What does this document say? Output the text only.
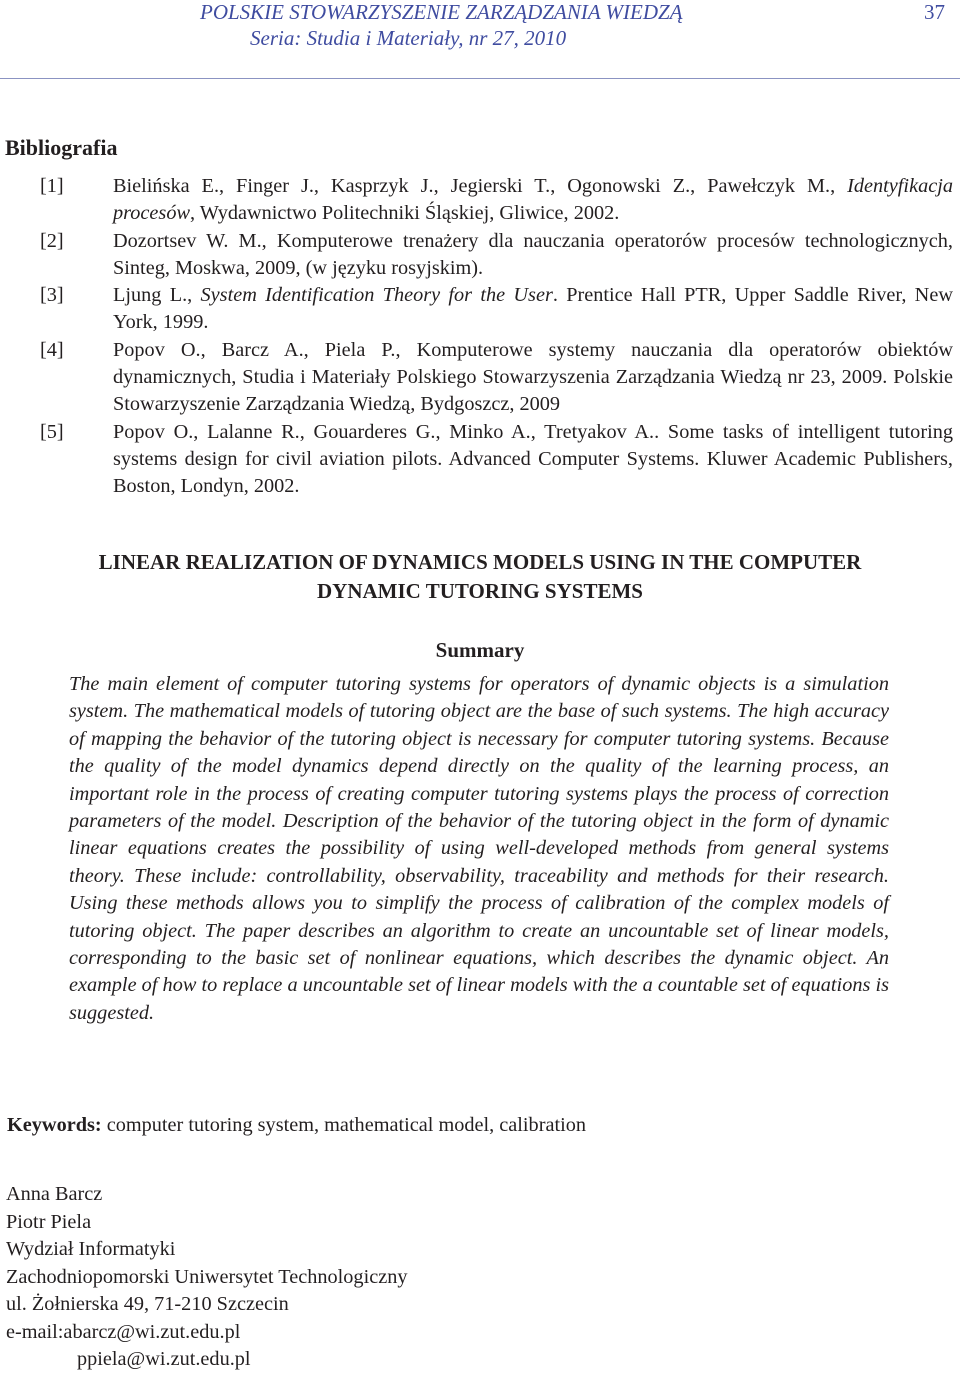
POLSKIE STOWARZYSZENIE ZARZĄDZANIA WIEDZĄ
Seria: Studia i Materiały, nr 27, 2010
37
Bibliografia
[1] Bielińska E., Finger J., Kasprzyk J., Jegierski T., Ogonowski Z., Pawełczyk M., Identyfikacja procesów, Wydawnictwo Politechniki Śląskiej, Gliwice, 2002.
[2] Dozortsev W. M., Komputerowe trenażery dla nauczania operatorów procesów technologicznych, Sinteg, Moskwa, 2009, (w języku rosyjskim).
[3] Ljung L., System Identification Theory for the User. Prentice Hall PTR, Upper Saddle River, New York, 1999.
[4] Popov O., Barcz A., Piela P., Komputerowe systemy nauczania dla operatorów obiektów dynamicznych, Studia i Materiały Polskiego Stowarzyszenia Zarządzania Wiedzą nr 23, 2009. Polskie Stowarzyszenie Zarządzania Wiedzą, Bydgoszcz, 2009
[5] Popov O., Lalanne R., Gouarderes G., Minko A., Tretyakov A.. Some tasks of intelligent tutoring systems design for civil aviation pilots. Advanced Computer Systems. Kluwer Academic Publishers, Boston, Londyn, 2002.
LINEAR REALIZATION OF DYNAMICS MODELS USING IN THE COMPUTER
DYNAMIC TUTORING SYSTEMS
Summary

The main element of computer tutoring systems for operators of dynamic objects is a simulation system. The mathematical models of tutoring object are the base of such systems. The high accuracy of mapping the behavior of the tutoring object is necessary for computer tutoring systems. Because the quality of the model dynamics depend directly on the quality of the learning process, an important role in the process of creating computer tutoring systems plays the process of correction parameters of the model. Description of the behavior of the tutoring object in the form of dynamic linear equations creates the possibility of using well-developed methods from general systems theory. These include: controllability, observability, traceability and methods for their research. Using these methods allows you to simplify the process of calibration of the complex models of tutoring object. The paper describes an algorithm to create an uncountable set of linear models, corresponding to the basic set of nonlinear equations, which describes the dynamic object. An example of how to replace a uncountable set of linear models with the a countable set of equations is suggested.

Keywords: computer tutoring system, mathematical model, calibration

Anna Barcz
Piotr Piela
Wydział Informatyki
Zachodniopomorski Uniwersytet Technologiczny
ul. Żołnierska 49, 71-210 Szczecin
e-mail:abarcz@wi.zut.edu.pl
ppiela@wi.zut.edu.pl
